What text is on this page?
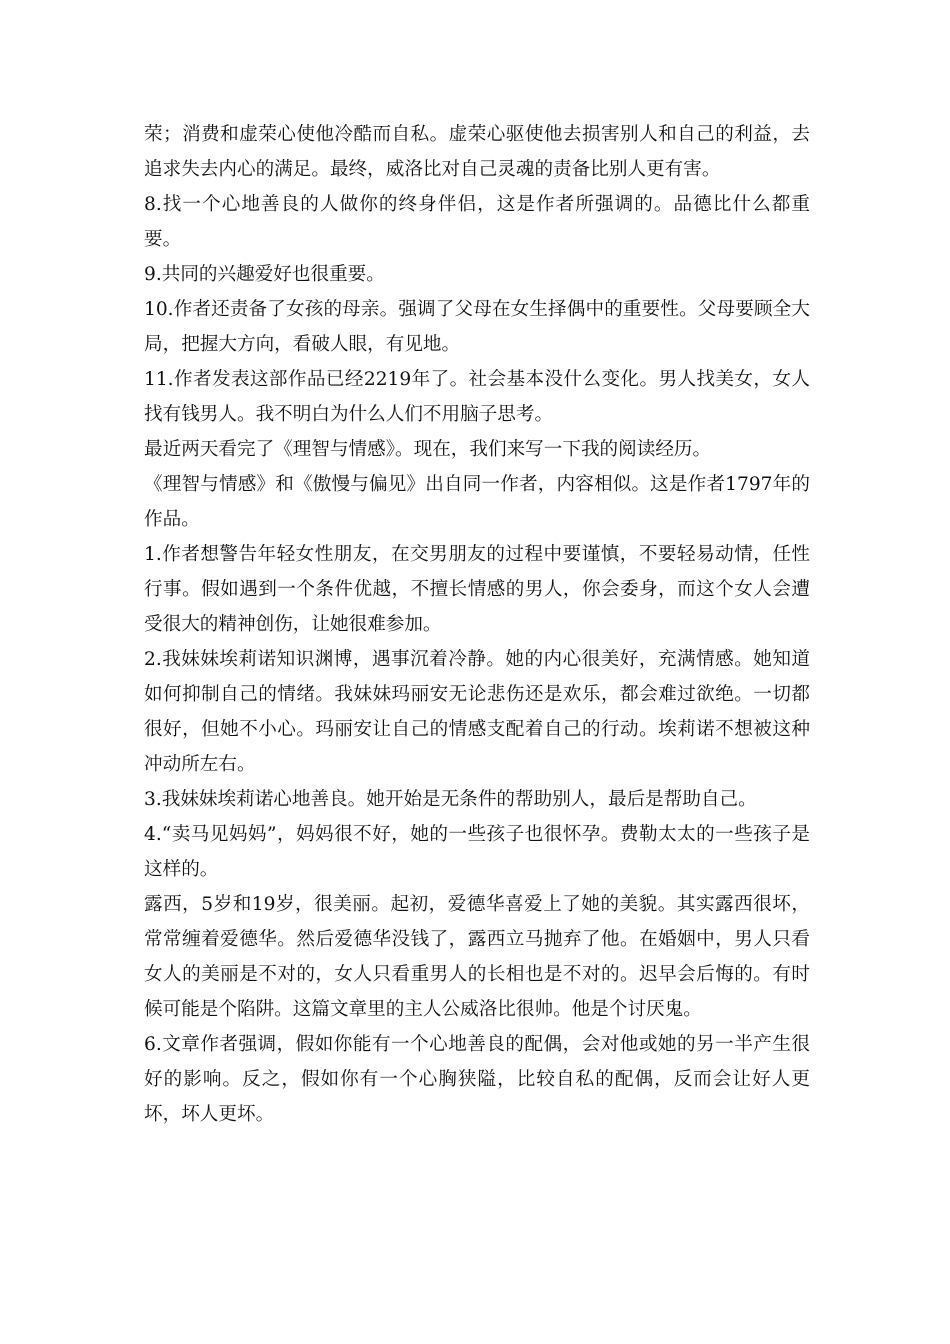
荣；消费和虚荣心使他冷酷而自私。虚荣心驱使他去损害别人和自己的利益，去追求失去内心的满足。最终，威洛比对自己灵魂的责备比别人更有害。

8.找一个心地善良的人做你的终身伴侣，这是作者所强调的。品德比什么都重要。

9.共同的兴趣爱好也很重要。

10.作者还责备了女孩的母亲。强调了父母在女生择偶中的重要性。父母要顾全大局，把握大方向，看破人眼，有见地。

11.作者发表这部作品已经2219年了。社会基本没什么变化。男人找美女，女人找有钱男人。我不明白为什么人们不用脑子思考。

最近两天看完了《理智与情感》。现在，我们来写一下我的阅读经历。

《理智与情感》和《傲慢与偏见》出自同一作者，内容相似。这是作者1797年的作品。

1.作者想警告年轻女性朋友，在交男朋友的过程中要谨慎，不要轻易动情，任性行事。假如遇到一个条件优越，不擅长情感的男人，你会委身，而这个女人会遭受很大的精神创伤，让她很难参加。

2.我妹妹埃莉诺知识渊博，遇事沉着冷静。她的内心很美好，充满情感。她知道如何抑制自己的情绪。我妹妹玛丽安无论悲伤还是欢乐，都会难过欲绝。一切都很好，但她不小心。玛丽安让自己的情感支配着自己的行动。埃莉诺不想被这种冲动所左右。

3.我妹妹埃莉诺心地善良。她开始是无条件的帮助别人，最后是帮助自己。

4.“卖马见妈妈”，妈妈很不好，她的一些孩子也很怀孕。费勒太太的一些孩子是这样的。

露西，5岁和19岁，很美丽。起初，爱德华喜爱上了她的美貌。其实露西很坏，常常缠着爱德华。然后爱德华没钱了，露西立马抛弃了他。在婚姻中，男人只看女人的美丽是不对的，女人只看重男人的长相也是不对的。迟早会后悔的。有时候可能是个陷阱。这篇文章里的主人公威洛比很帅。他是个讨厌鬼。

6.文章作者强调，假如你能有一个心地善良的配偶，会对他或她的另一半产生很好的影响。反之，假如你有一个心胸狭隘，比较自私的配偶，反而会让好人更坏，坏人更坏。
